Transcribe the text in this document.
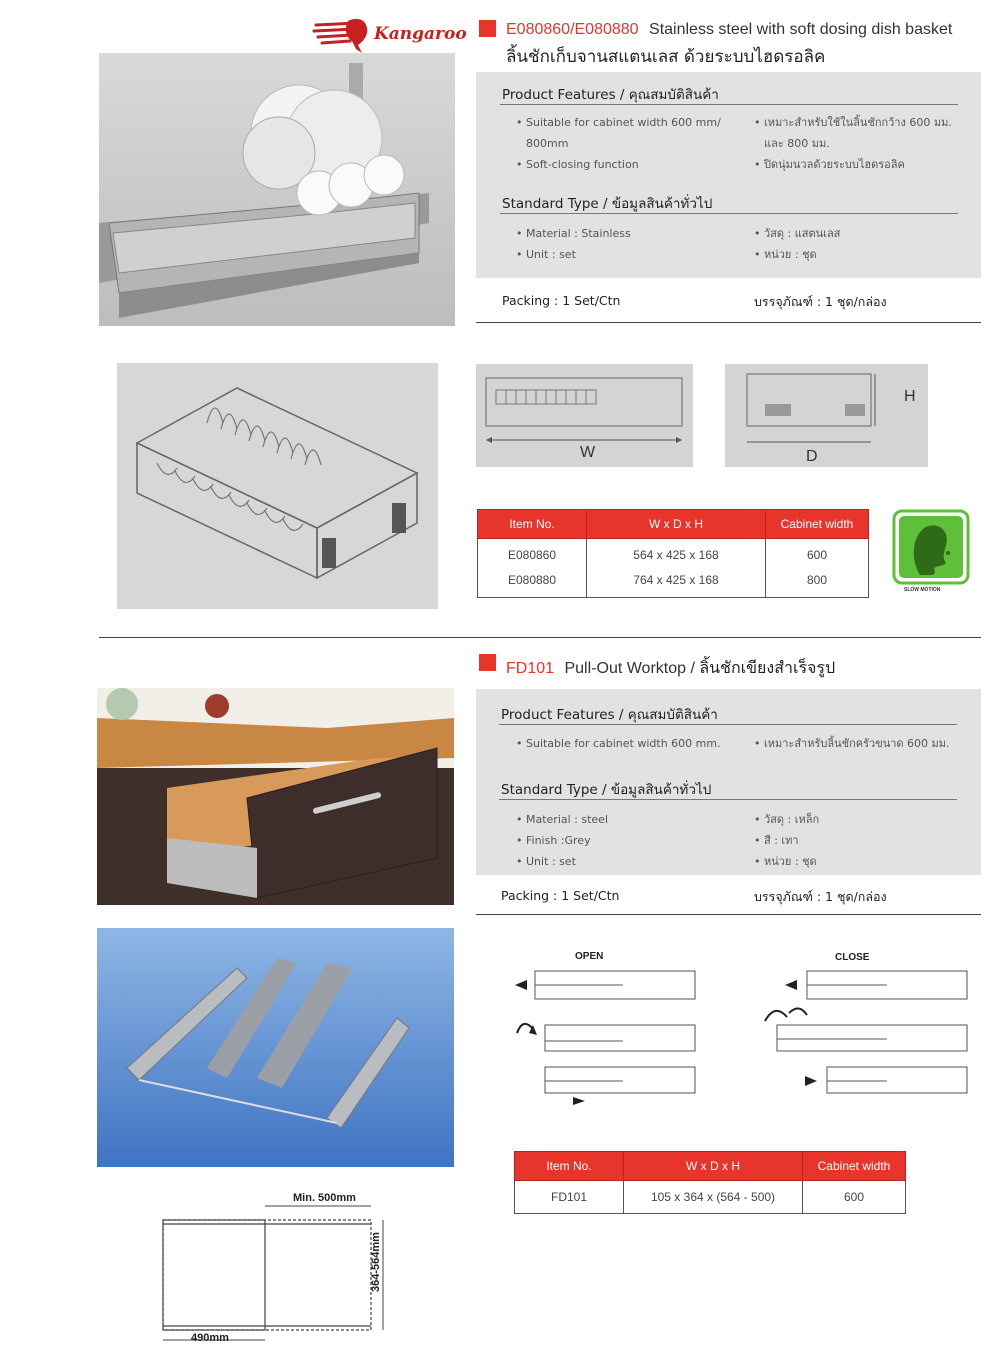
Kangaroo E080860/E080880 Stainless steel with soft dosing dish basket
ลิ้นชักเก็บจานสแตนเลส ด้วยระบบไฮดรอลิค
Product Features / คุณสมบัติสินค้า
• Suitable for cabinet width 600 mm/
800mm
• Soft-closing function
• เหมาะสำหรับใช้ในลิ้นชักกว้าง 600 มม.
และ 800 มม.
• ปิดนุ่มนวลด้วยระบบไฮดรอลิค
Standard Type / ข้อมูลสินค้าทั่วไป
• Material : Stainless
• Unit : set
• วัสดุ : แสตนเลส
• หน่วย : ชุด
Packing : 1 Set/Ctn	บรรจุภัณฑ์ : 1 ชุด/กล่อง
W	D
H
Item No.	W x D x H	Cabinet width
E080860	564 x 425 x 168	600
E080880	764 x 425 x 168	800
SLOW MOTION
FD101 Pull-Out Worktop / ลิ้นชักเขียงสำเร็จรูป
Product Features / คุณสมบัติสินค้า
• Suitable for cabinet width 600 mm.	• เหมาะสำหรับลิ้นชักครัวขนาด 600 มม.
Standard Type / ข้อมูลสินค้าทั่วไป
• Material : steel
• Finish :Grey
• Unit : set
• วัสดุ : เหล็ก
• สี : เทา
• หน่วย : ชุด
Packing : 1 Set/Ctn	บรรจุภัณฑ์ : 1 ชุด/กล่อง
OPEN	CLOSE
Item No.	W x D x H	Cabinet width
FD101	105 x 364 x (564 - 500)	600
Min. 500mm
364-564mm
490mm
